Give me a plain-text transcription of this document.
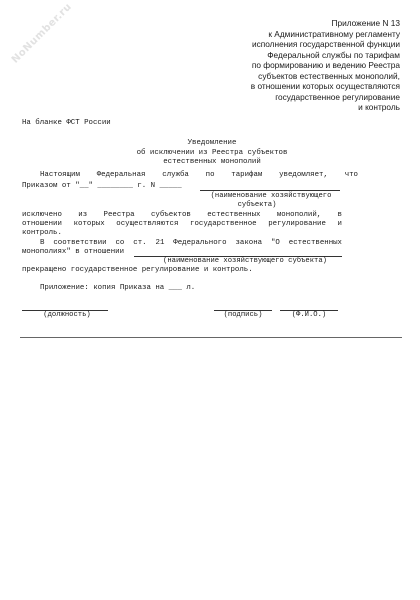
NoNumber.ru	Приложение N 13
к Административному регламенту
исполнения государственной функции
Федеральной службы по тарифам
по формированию и ведению Реестра
субъектов естественных монополий,
в отношении которых осуществляются
государственное регулирование
и контроль
На бланке ФСТ России
Уведомление
об исключении из Реестра субъектов
естественных монополий
Настоящим Федеральная служба по тарифам уведомляет, что
Приказом от "__" ________ г. N _____
(наименование хозяйствующего
субъекта)
исключено из Реестра субъектов естественных монополий, в
отношении которых осуществляются государственное регулирование и
контроль.
В соответствии со ст. 21 Федерального закона "О естественных
монополиях" в отношении
(наименование хозяйствующего субъекта)
прекращено государственное регулирование и контроль.
Приложение: копия Приказа на ___ л.
(должность)	(подпись)	(Ф.И.О.)
